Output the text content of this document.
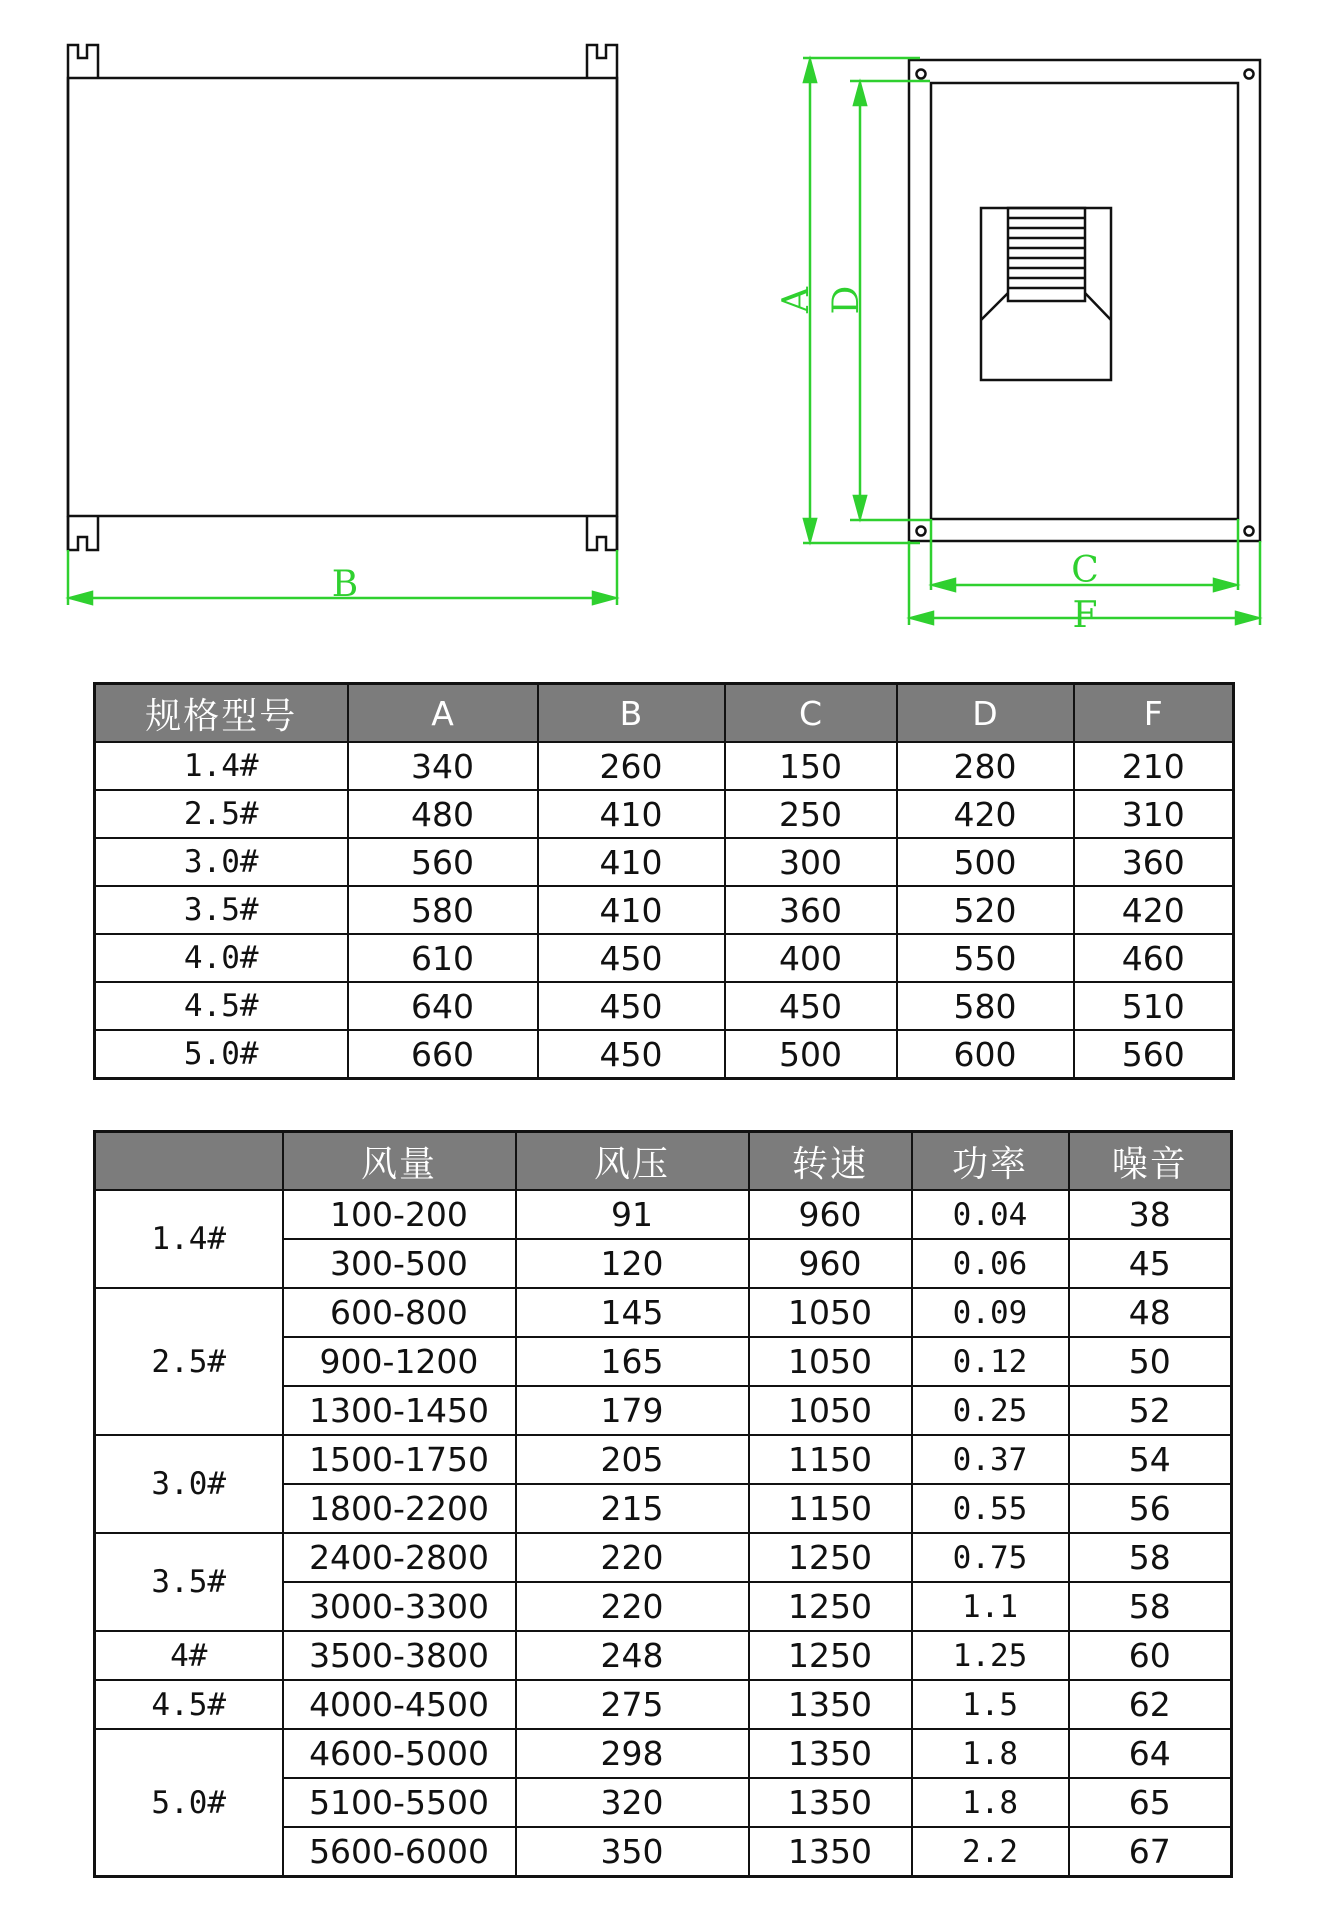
B
A D
C
F
规格型号	A	B	C	D	F
1.4#	340	260	150	280	210
2.5#	480	410	250	420	310
3.0#	560	410	300	500	360
3.5#	580	410	360	520	420
4.0#	610	450	400	550	460
4.5#	640	450	450	580	510
5.0#	660	450	500	600	560
	风量	风压	转速	功率	噪音
1.4#	100-200	91	960	0.04	38
	300-500	120	960	0.06	45
2.5#	600-800	145	1050	0.09	48
	900-1200	165	1050	0.12	50
	1300-1450	179	1050	0.25	52
3.0#	1500-1750	205	1150	0.37	54
	1800-2200	215	1150	0.55	56
3.5#	2400-2800	220	1250	0.75	58
	3000-3300	220	1250	1.1	58
4#	3500-3800	248	1250	1.25	60
4.5#	4000-4500	275	1350	1.5	62
5.0#	4600-5000	298	1350	1.8	64
	5100-5500	320	1350	1.8	65
	5600-6000	350	1350	2.2	67
